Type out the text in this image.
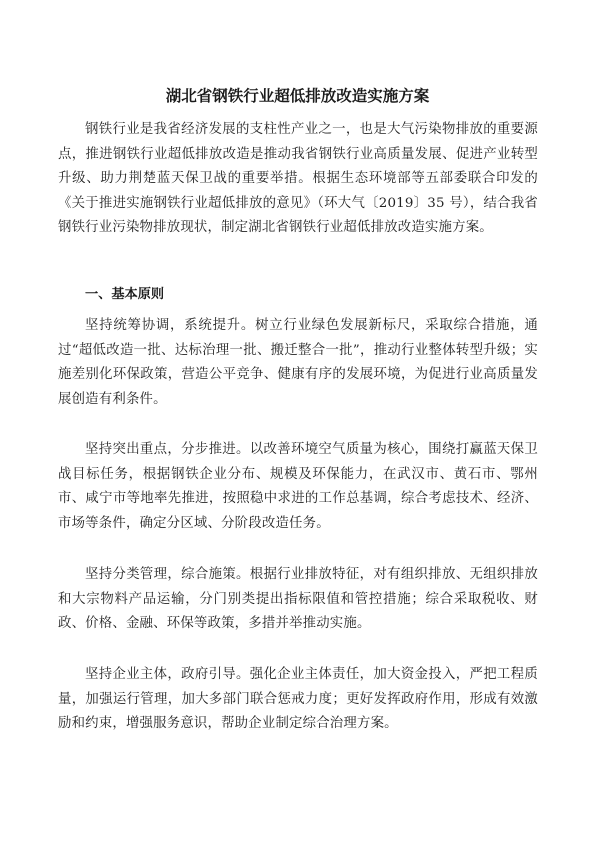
湖北省钢铁行业超低排放改造实施方案
钢铁行业是我省经济发展的支柱性产业之一，也是大气污染物排放的重要源点，推进钢铁行业超低排放改造是推动我省钢铁行业高质量发展、促进产业转型升级、助力荆楚蓝天保卫战的重要举措。根据生态环境部等五部委联合印发的《关于推进实施钢铁行业超低排放的意见》（环大气〔2019〕35 号），结合我省钢铁行业污染物排放现状，制定湖北省钢铁行业超低排放改造实施方案。
一、基本原则
坚持统筹协调，系统提升。树立行业绿色发展新标尺，采取综合措施，通过“超低改造一批、达标治理一批、搬迁整合一批”，推动行业整体转型升级；实施差别化环保政策，营造公平竞争、健康有序的发展环境，为促进行业高质量发展创造有利条件。
坚持突出重点，分步推进。以改善环境空气质量为核心，围绕打赢蓝天保卫战目标任务，根据钢铁企业分布、规模及环保能力，在武汉市、黄石市、鄂州市、咸宁市等地率先推进，按照稳中求进的工作总基调，综合考虑技术、经济、市场等条件，确定分区域、分阶段改造任务。
坚持分类管理，综合施策。根据行业排放特征，对有组织排放、无组织排放和大宗物料产品运输，分门别类提出指标限值和管控措施；综合采取税收、财政、价格、金融、环保等政策，多措并举推动实施。
坚持企业主体，政府引导。强化企业主体责任，加大资金投入，严把工程质量，加强运行管理，加大多部门联合惩戒力度；更好发挥政府作用，形成有效激励和约束，增强服务意识，帮助企业制定综合治理方案。
